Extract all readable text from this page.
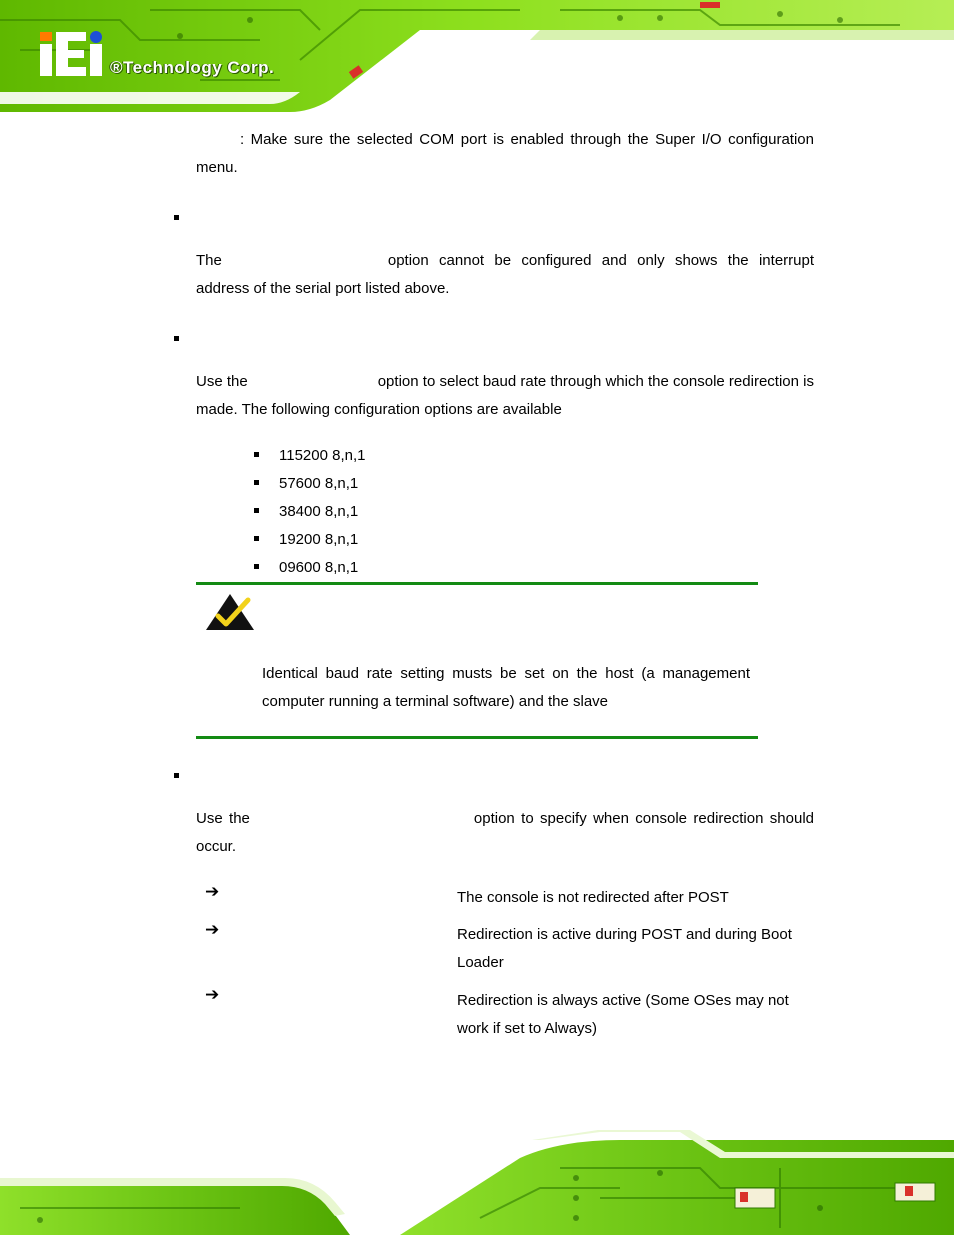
®Technology Corp.
: Make sure the selected COM port is enabled through the Super I/O configuration menu.
The	option cannot be configured and only shows the interrupt address of the serial port listed above.
Use the	option to select baud rate through which the console redirection is made. The following configuration options are available
115200 8,n,1
57600 8,n,1
38400 8,n,1
19200 8,n,1
09600 8,n,1
Identical baud rate setting musts be set on the host (a management computer running a terminal software) and the slave
Use the	option to specify when console redirection should occur.
➔	The console is not redirected after POST
➔	Redirection is active during POST and during Boot Loader
➔	Redirection is always active (Some OSes may not work if set to Always)
